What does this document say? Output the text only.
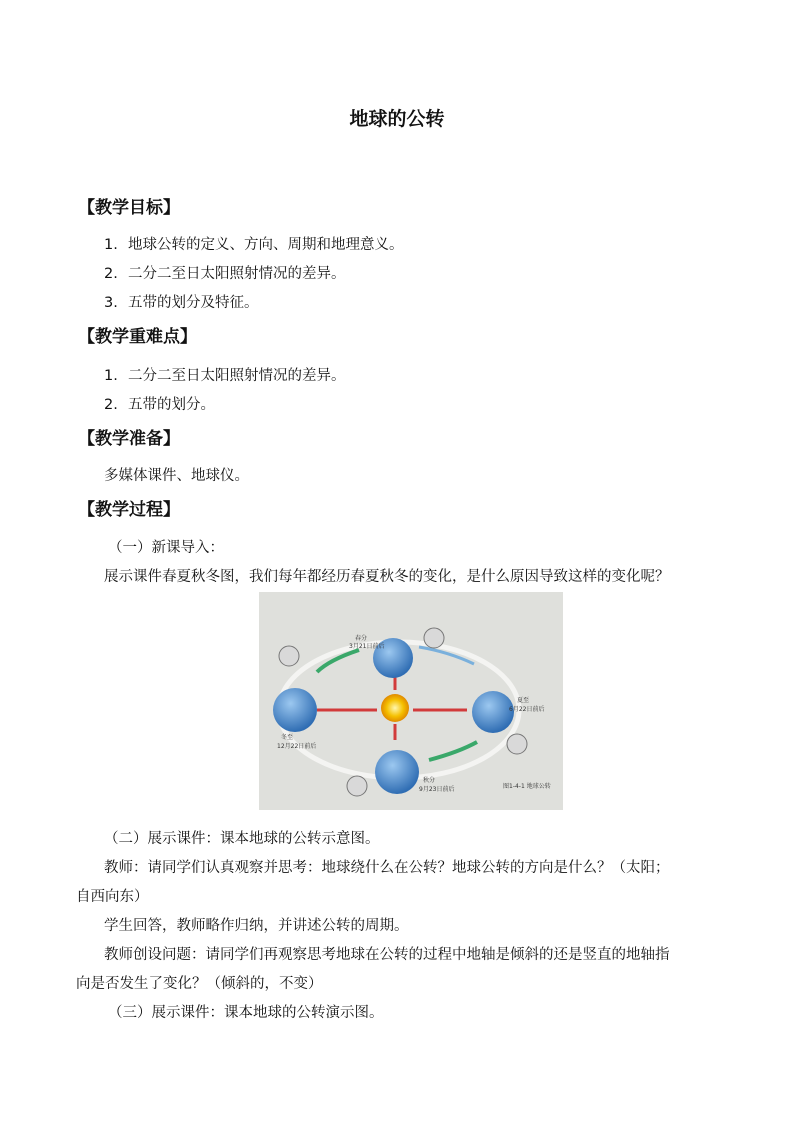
地球的公转
【教学目标】
1. 地球公转的定义、方向、周期和地理意义。
2. 二分二至日太阳照射情况的差异。
3. 五带的划分及特征。
【教学重难点】
1. 二分二至日太阳照射情况的差异。
2. 五带的划分。
【教学准备】
多媒体课件、地球仪。
【教学过程】
（一）新课导入：
展示课件春夏秋冬图，我们每年都经历春夏秋冬的变化，是什么原因导致这样的变化呢？
春分
3月21日前后
冬至
12月22日前后
夏至
6月22日前后
秋分
9月23日前后	图1-4-1 地球公转
（二）展示课件：课本地球的公转示意图。
教师：请同学们认真观察并思考：地球绕什么在公转？地球公转的方向是什么？（太阳；
自西向东）
学生回答，教师略作归纳，并讲述公转的周期。
教师创设问题：请同学们再观察思考地球在公转的过程中地轴是倾斜的还是竖直的地轴指
向是否发生了变化？（倾斜的，不变）
（三）展示课件：课本地球的公转演示图。
